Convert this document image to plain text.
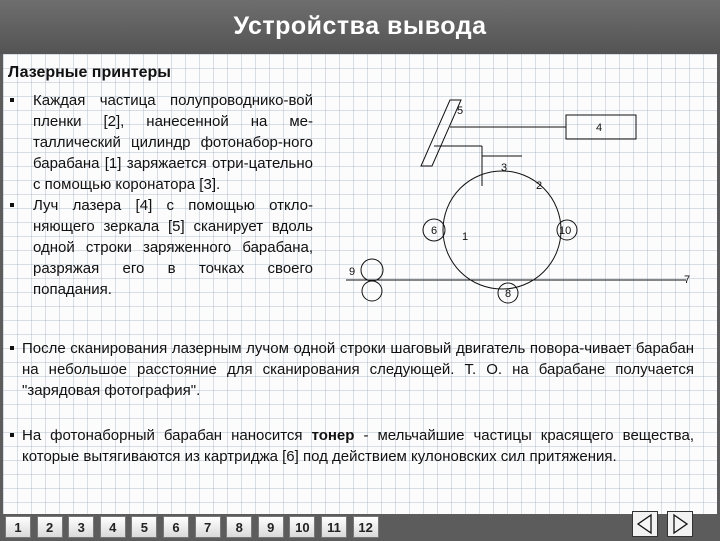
Устройства вывода
Лазерные принтеры
Каждая частица полупроводнико-вой пленки [2], нанесенной на ме-таллический цилиндр фотонабор-ного барабана [1] заряжается отри-цательно с помощью коронатора [3].
Луч лазера [4] с помощью откло-няющего зеркала [5] сканирует вдоль одной строки заряженного барабана, разряжая его в точках своего попадания.
1
2
3
4
5
6
7
8
9
10
После сканирования лазерным лучом одной строки шаговый двигатель повора-чивает барабан на небольшое расстояние для сканирования следующей. Т. О. на барабане получается "зарядовая фотография".
На фотонаборный барабан наносится тонер - мельчайшие частицы красящего вещества, которые вытягиваются из картриджа [6] под действием кулоновских сил притяжения.
1	2	3	4	5	6	7	8	9	10	11	12
